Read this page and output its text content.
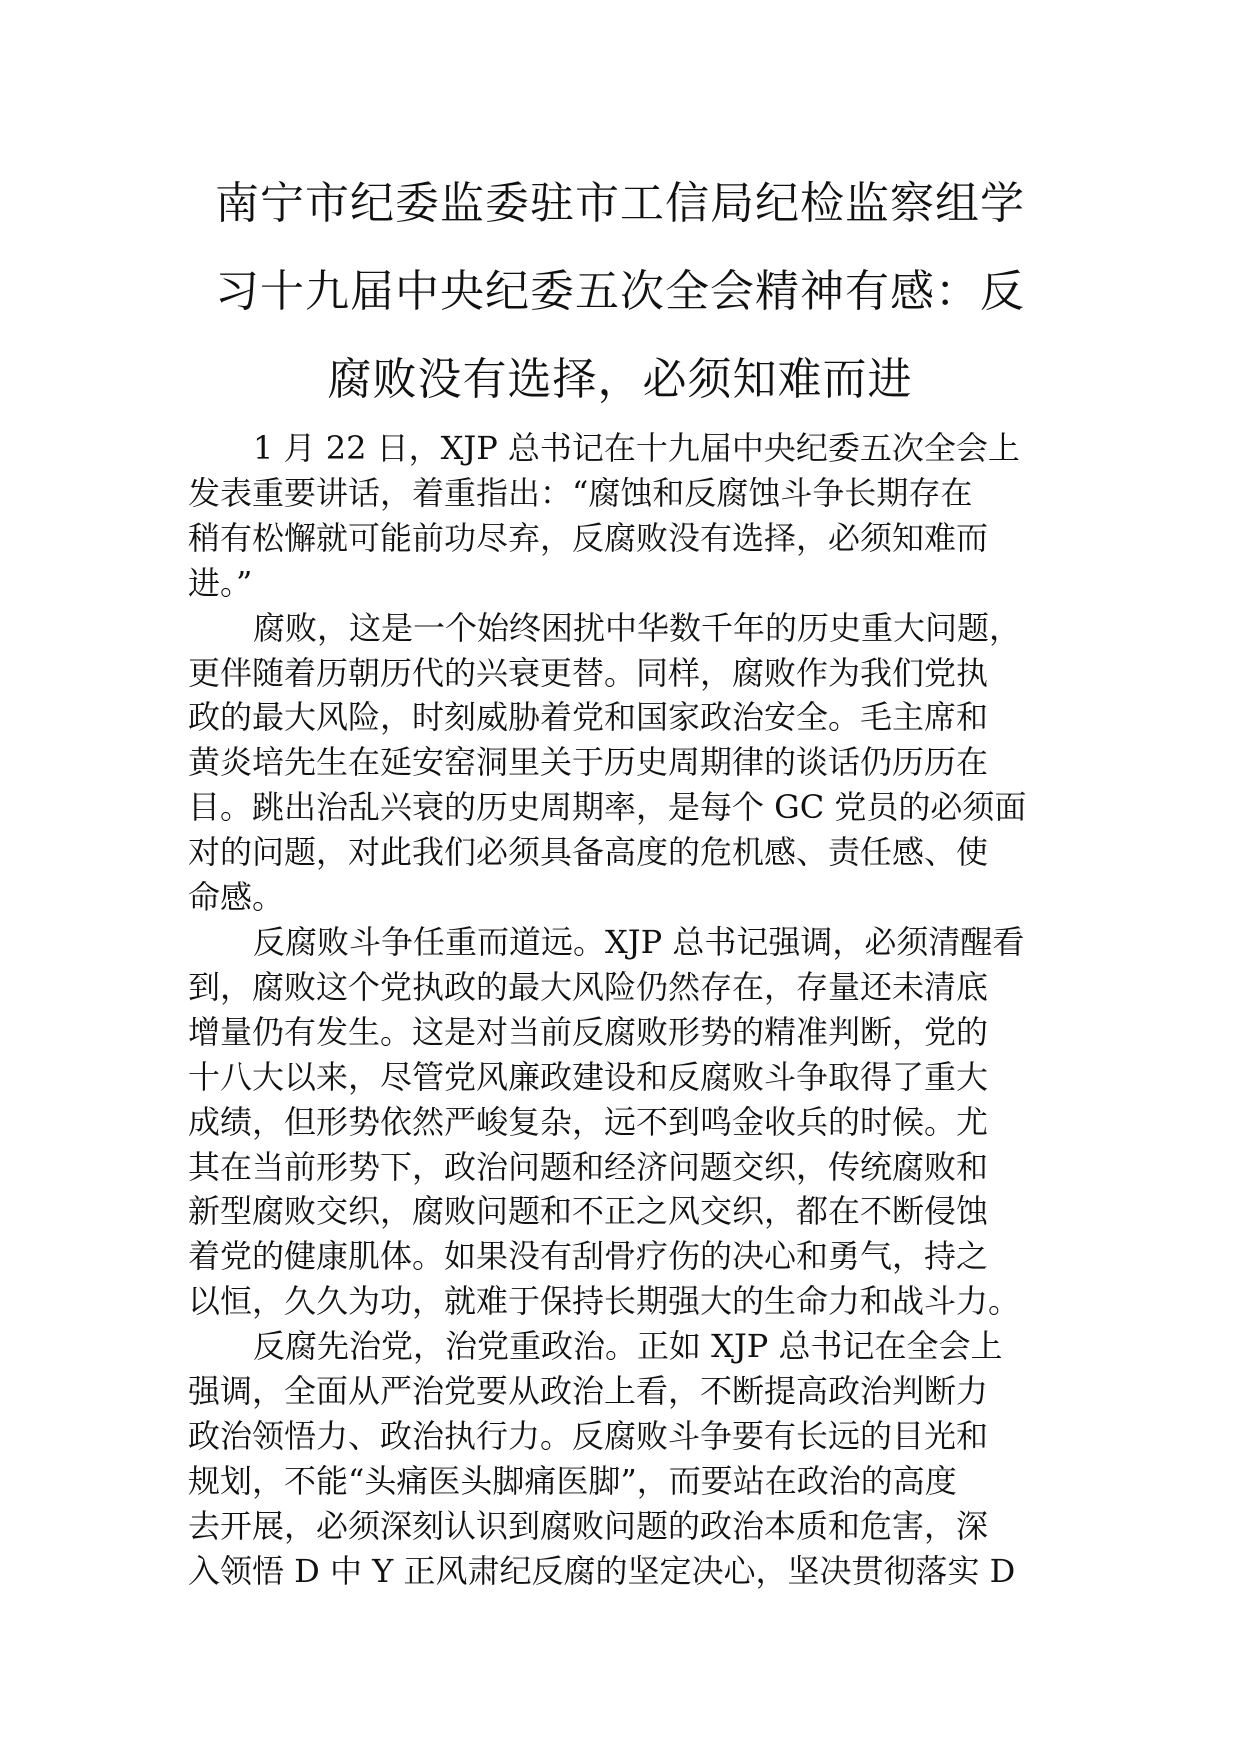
南宁市纪委监委驻市工信局纪检监察组学
习十九届中央纪委五次全会精神有感：反
腐败没有选择，必须知难而进

1 月 22 日，XJP 总书记在十九届中央纪委五次全会上
发表重要讲话，着重指出：“腐蚀和反腐蚀斗争长期存在
稍有松懈就可能前功尽弃，反腐败没有选择，必须知难而
进。”

腐败，这是一个始终困扰中华数千年的历史重大问题，
更伴随着历朝历代的兴衰更替。同样，腐败作为我们党执
政的最大风险，时刻威胁着党和国家政治安全。毛主席和
黄炎培先生在延安窑洞里关于历史周期律的谈话仍历历在
目。跳出治乱兴衰的历史周期率，是每个 GC 党员的必须面
对的问题，对此我们必须具备高度的危机感、责任感、使
命感。

反腐败斗争任重而道远。XJP 总书记强调，必须清醒看
到，腐败这个党执政的最大风险仍然存在，存量还未清底
增量仍有发生。这是对当前反腐败形势的精准判断，党的
十八大以来，尽管党风廉政建设和反腐败斗争取得了重大
成绩，但形势依然严峻复杂，远不到鸣金收兵的时候。尤
其在当前形势下，政治问题和经济问题交织，传统腐败和
新型腐败交织，腐败问题和不正之风交织，都在不断侵蚀
着党的健康肌体。如果没有刮骨疗伤的决心和勇气，持之
以恒，久久为功，就难于保持长期强大的生命力和战斗力。

反腐先治党，治党重政治。正如 XJP 总书记在全会上
强调，全面从严治党要从政治上看，不断提高政治判断力
政治领悟力、政治执行力。反腐败斗争要有长远的目光和
规划，不能“头痛医头脚痛医脚”，而要站在政治的高度
去开展，必须深刻认识到腐败问题的政治本质和危害，深
入领悟 D 中 Y 正风肃纪反腐的坚定决心，坚决贯彻落实 D
